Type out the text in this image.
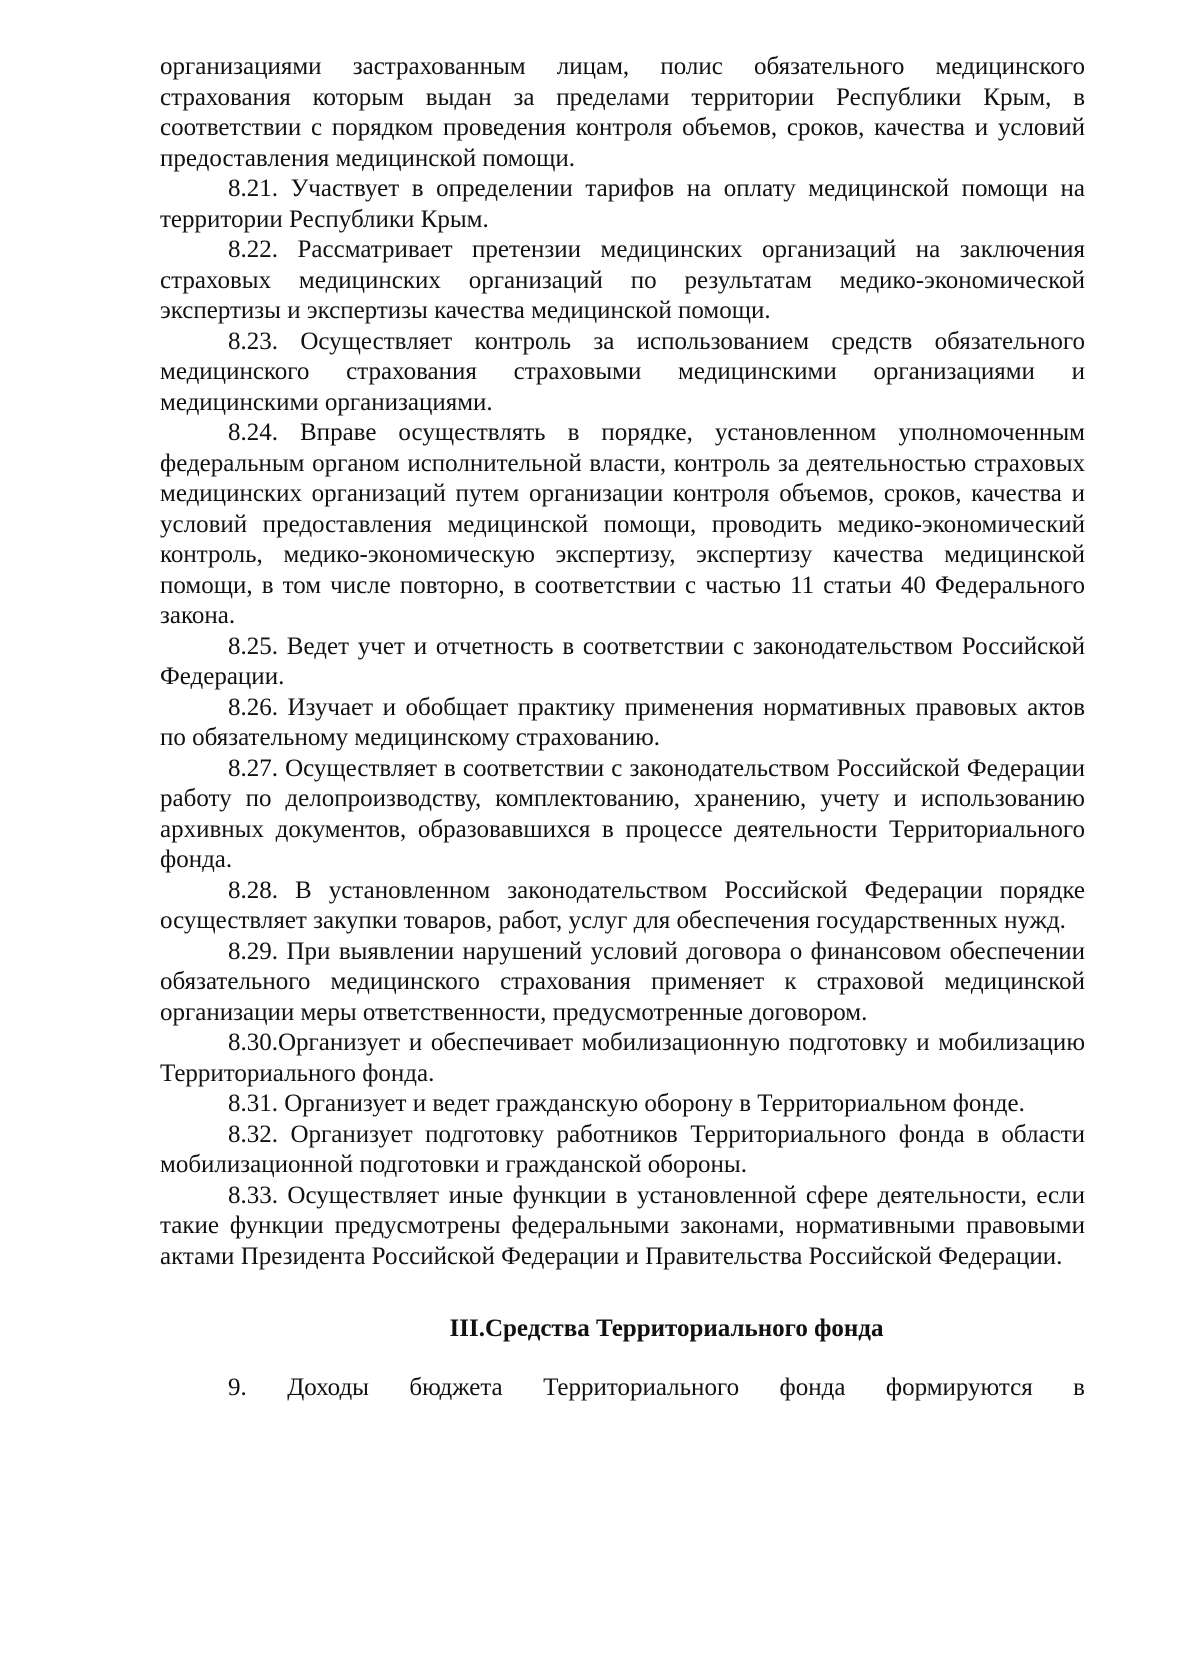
организациями застрахованным лицам, полис обязательного медицинского страхования которым выдан за пределами территории Республики Крым, в соответствии с порядком проведения контроля объемов, сроков, качества и условий предоставления медицинской помощи.

8.21. Участвует в определении тарифов на оплату медицинской помощи на территории Республики Крым.

8.22. Рассматривает претензии медицинских организаций на заключения страховых медицинских организаций по результатам медико-экономической экспертизы и экспертизы качества медицинской помощи.

8.23. Осуществляет контроль за использованием средств обязательного медицинского страхования страховыми медицинскими организациями и медицинскими организациями.

8.24. Вправе осуществлять в порядке, установленном уполномоченным федеральным органом исполнительной власти, контроль за деятельностью страховых медицинских организаций путем организации контроля объемов, сроков, качества и условий предоставления медицинской помощи, проводить медико-экономический контроль, медико-экономическую экспертизу, экспертизу качества медицинской помощи, в том числе повторно, в соответствии с частью 11 статьи 40 Федерального закона.

8.25. Ведет учет и отчетность в соответствии с законодательством Российской Федерации.

8.26. Изучает и обобщает практику применения нормативных правовых актов по обязательному медицинскому страхованию.

8.27. Осуществляет в соответствии с законодательством Российской Федерации работу по делопроизводству, комплектованию, хранению, учету и использованию архивных документов, образовавшихся в процессе деятельности Территориального фонда.

8.28. В установленном законодательством Российской Федерации порядке осуществляет закупки товаров, работ, услуг для обеспечения государственных нужд.

8.29. При выявлении нарушений условий договора о финансовом обеспечении обязательного медицинского страхования применяет к страховой медицинской организации меры ответственности, предусмотренные договором.

8.30.Организует и обеспечивает мобилизационную подготовку и мобилизацию Территориального фонда.

8.31. Организует и ведет гражданскую оборону в Территориальном фонде.

8.32. Организует подготовку работников Территориального фонда в области мобилизационной подготовки и гражданской обороны.

8.33. Осуществляет иные функции в установленной сфере деятельности, если такие функции предусмотрены федеральными законами, нормативными правовыми актами Президента Российской Федерации и Правительства Российской Федерации.

III.Средства Территориального фонда

9. Доходы бюджета Территориального фонда формируются в
